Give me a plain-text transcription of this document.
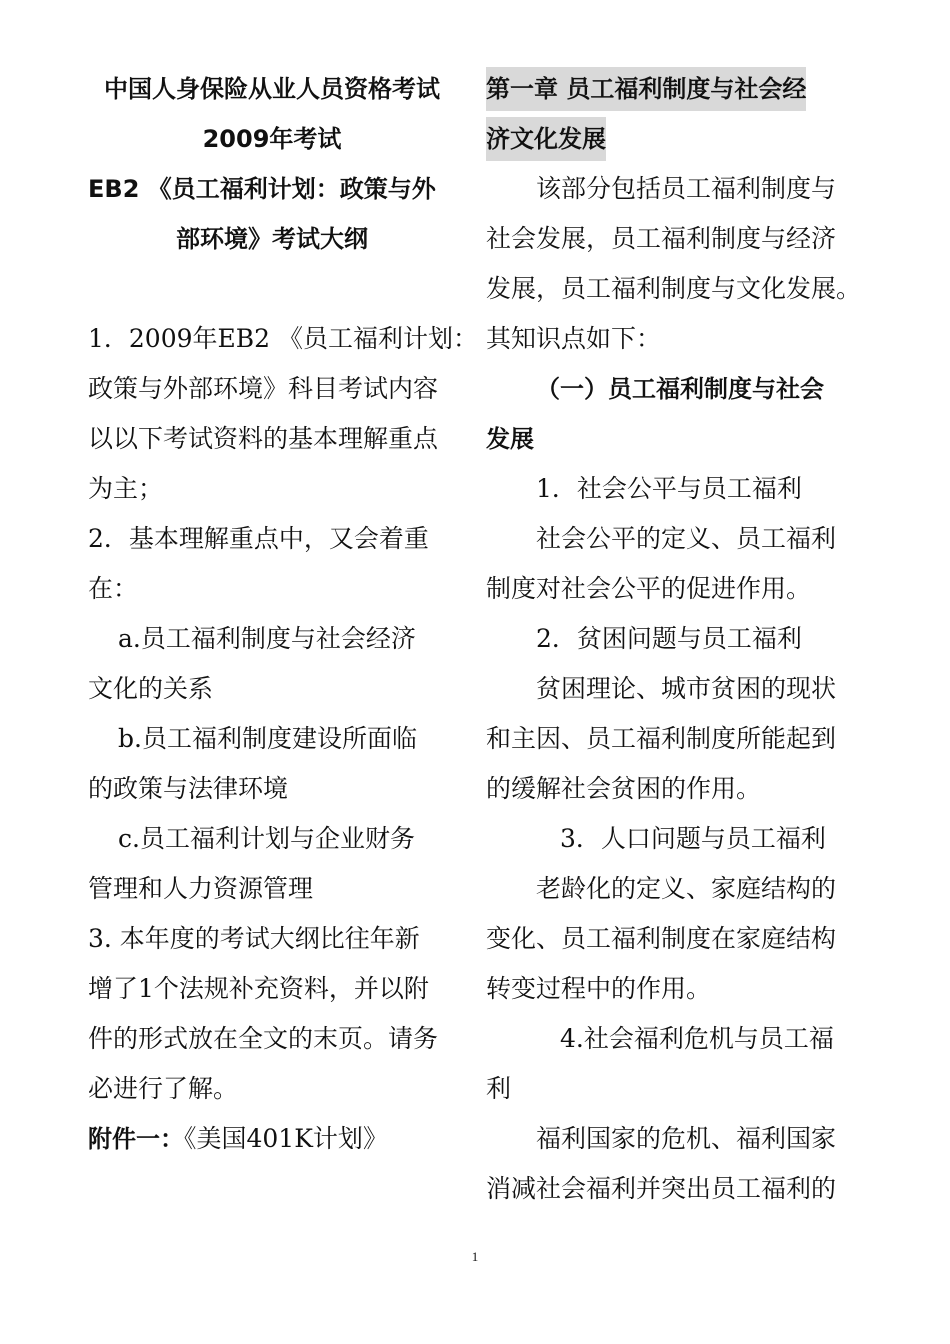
中国人身保险从业人员资格考试
2009年考试
EB2 《员工福利计划：政策与外
部环境》考试大纲
1．2009年EB2 《员工福利计划：
政策与外部环境》科目考试内容
以以下考试资料的基本理解重点
为主；
2．基本理解重点中，又会着重
在：
a.员工福利制度与社会经济
文化的关系
b.员工福利制度建设所面临
的政策与法律环境
c.员工福利计划与企业财务
管理和人力资源管理
3. 本年度的考试大纲比往年新
增了1个法规补充资料，并以附
件的形式放在全文的末页。请务
必进行了解。
附件一：《美国401K计划》
第一章 员工福利制度与社会经
济文化发展
该部分包括员工福利制度与
社会发展，员工福利制度与经济
发展，员工福利制度与文化发展。
其知识点如下：
（一）员工福利制度与社会
发展
1．社会公平与员工福利
社会公平的定义、员工福利
制度对社会公平的促进作用。
2．贫困问题与员工福利
贫困理论、城市贫困的现状
和主因、员工福利制度所能起到
的缓解社会贫困的作用。
3．人口问题与员工福利
老龄化的定义、家庭结构的
变化、员工福利制度在家庭结构
转变过程中的作用。
4.社会福利危机与员工福
利
福利国家的危机、福利国家
消减社会福利并突出员工福利的
1
